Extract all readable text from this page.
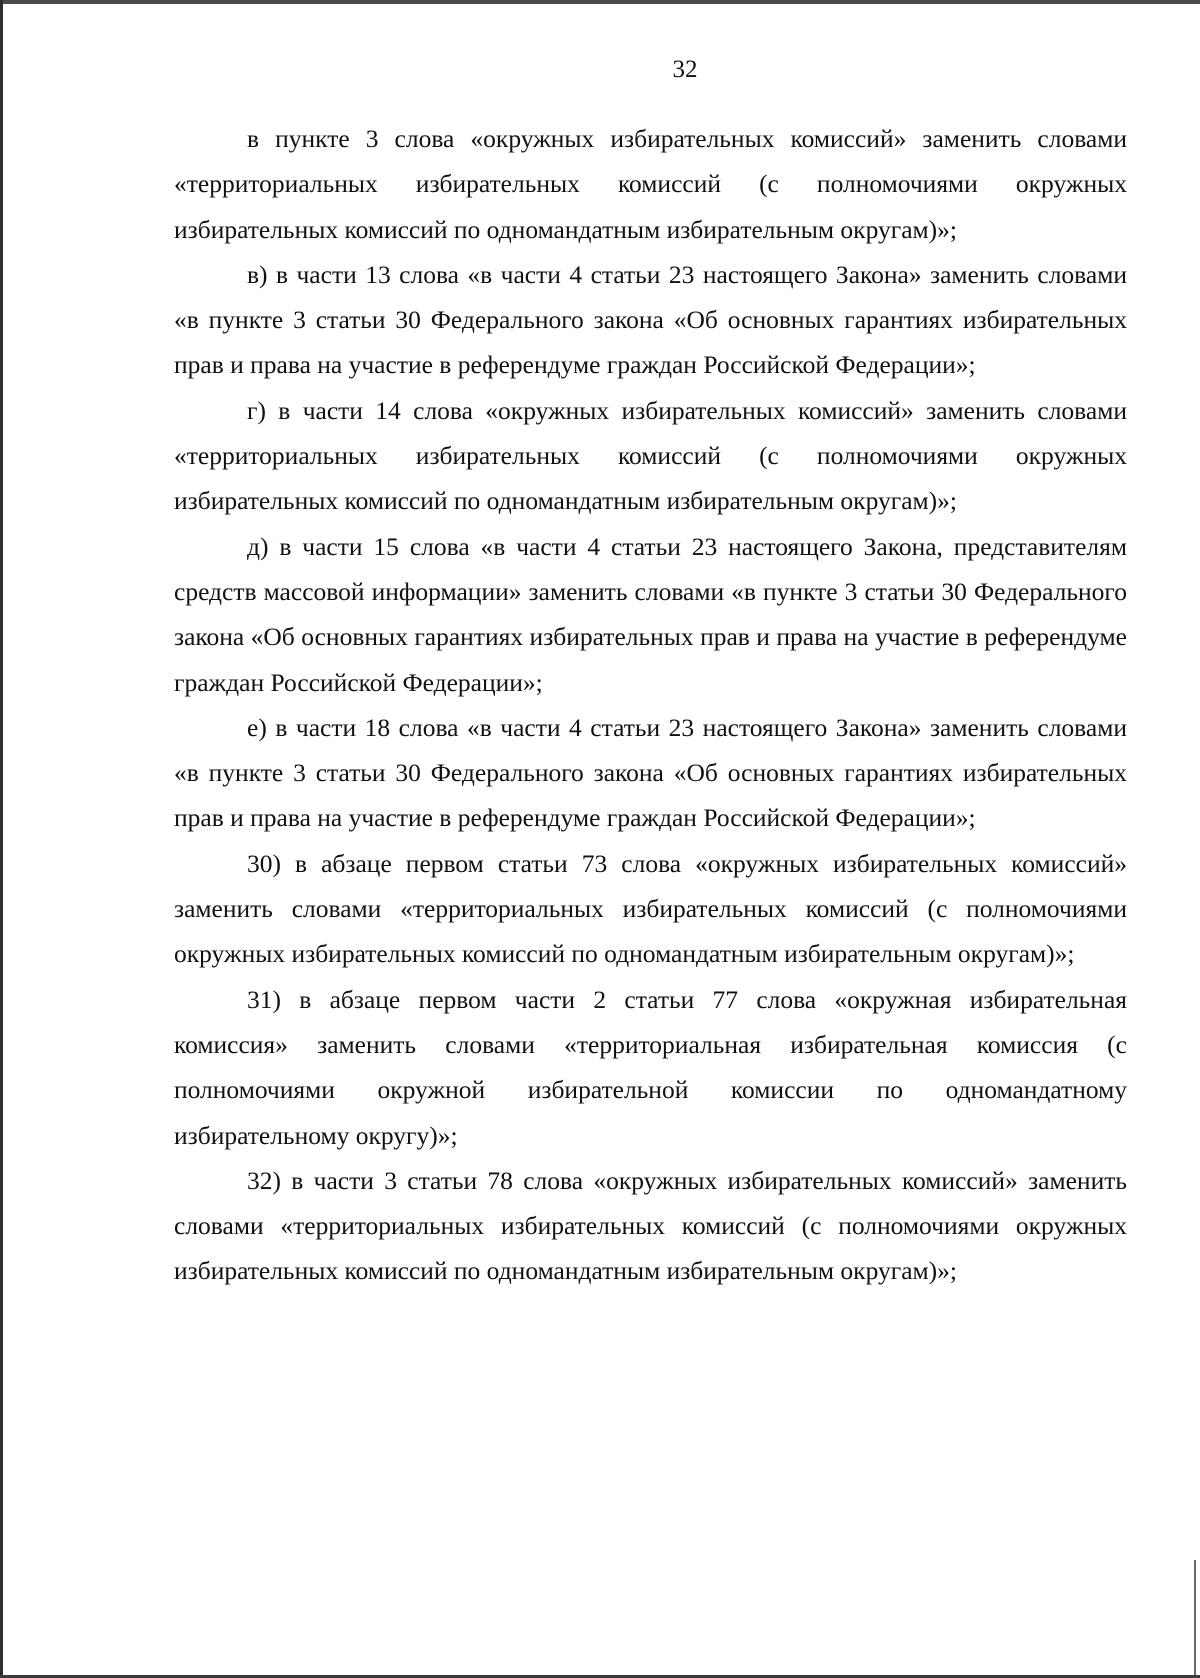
32

в пункте 3 слова «окружных избирательных комиссий» заменить словами «территориальных избирательных комиссий (с полномочиями окружных избирательных комиссий по одномандатным избирательным округам)»;

в) в части 13 слова «в части 4 статьи 23 настоящего Закона» заменить словами «в пункте 3 статьи 30 Федерального закона «Об основных гарантиях избирательных прав и права на участие в референдуме граждан Российской Федерации»;

г) в части 14 слова «окружных избирательных комиссий» заменить словами «территориальных избирательных комиссий (с полномочиями окружных избирательных комиссий по одномандатным избирательным округам)»;

д) в части 15 слова «в части 4 статьи 23 настоящего Закона, представителям средств массовой информации» заменить словами «в пункте 3 статьи 30 Федерального закона «Об основных гарантиях избирательных прав и права на участие в референдуме граждан Российской Федерации»;

е) в части 18 слова «в части 4 статьи 23 настоящего Закона» заменить словами «в пункте 3 статьи 30 Федерального закона «Об основных гарантиях избирательных прав и права на участие в референдуме граждан Российской Федерации»;

30) в абзаце первом статьи 73 слова «окружных избирательных комиссий» заменить словами «территориальных избирательных комиссий (с полномочиями окружных избирательных комиссий по одномандатным избирательным округам)»;

31) в абзаце первом части 2 статьи 77 слова «окружная избирательная комиссия» заменить словами «территориальная избирательная комиссия (с полномочиями окружной избирательной комиссии по одномандатному избирательному округу)»;

32) в части 3 статьи 78 слова «окружных избирательных комиссий» заменить словами «территориальных избирательных комиссий (с полномочиями окружных избирательных комиссий по одномандатным избирательным округам)»;
